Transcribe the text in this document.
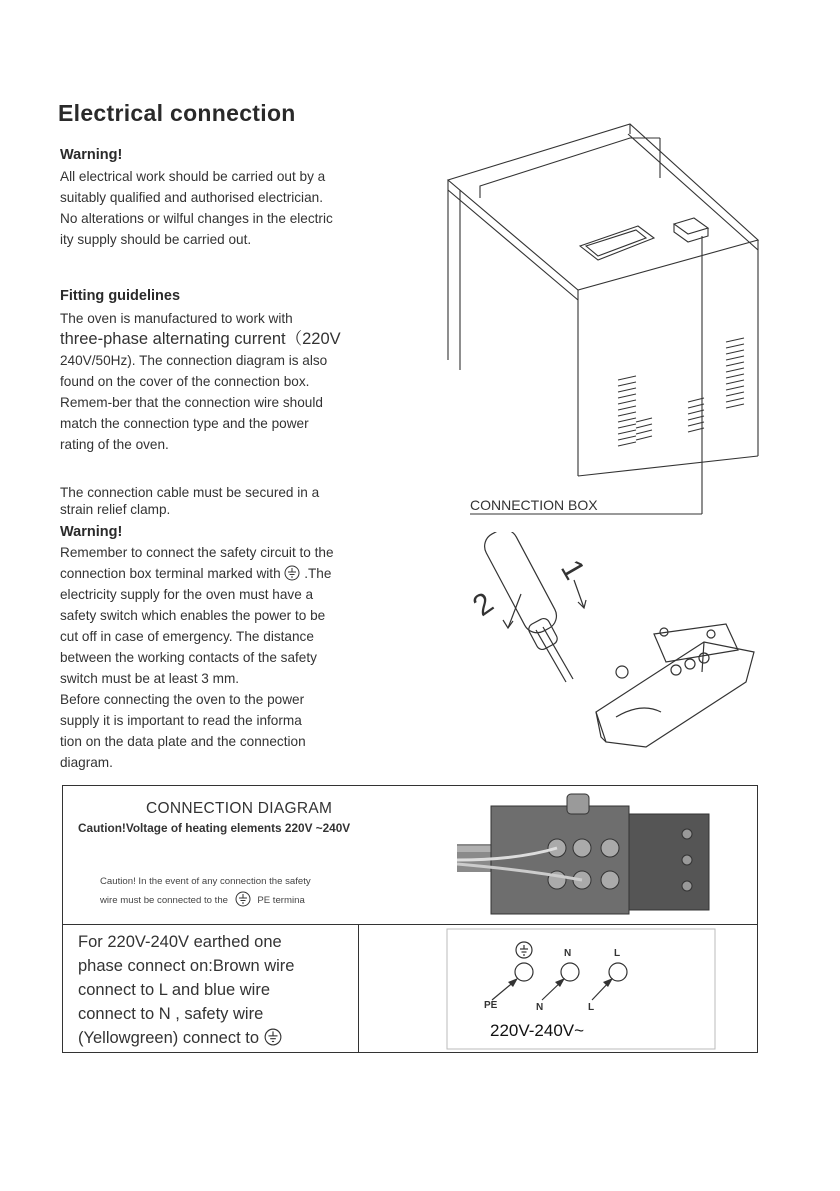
Electrical connection
Warning!
All electrical work should be carried out by a
suitably qualified and authorised electrician.
No alterations or wilful changes in the electric
ity supply should be carried out.
Fitting guidelines
The oven is manufactured to work with
three-phase alternating current（220V
240V/50Hz). The connection diagram is also
found on the cover of the connection box.
Remem-ber that the connection wire should
match the connection type and the power
rating of the oven.
The connection cable must be secured in a
strain relief clamp.
Warning!
Remember to connect the safety circuit to the
connection box terminal marked with .The
electricity supply for the oven must have a
safety switch which enables the power to be
cut off in case of emergency. The distance
between the working contacts of the safety
switch must be at least 3 mm.
Before connecting the oven to the power
supply it is important to read the informa
tion on the data plate and the connection
diagram.
CONNECTION BOX
2
1
CONNECTION DIAGRAM
Caution!Voltage of heating elements 220V ~240V
Caution! In the event of any connection the safety
wire must be connected to the	PE termina
For 220V-240V earthed one
phase connect on:Brown wire
connect to L and blue wire
connect to N , safety wire
(Yellowgreen) connect to
N	L
PE	N	L
220V-240V~
